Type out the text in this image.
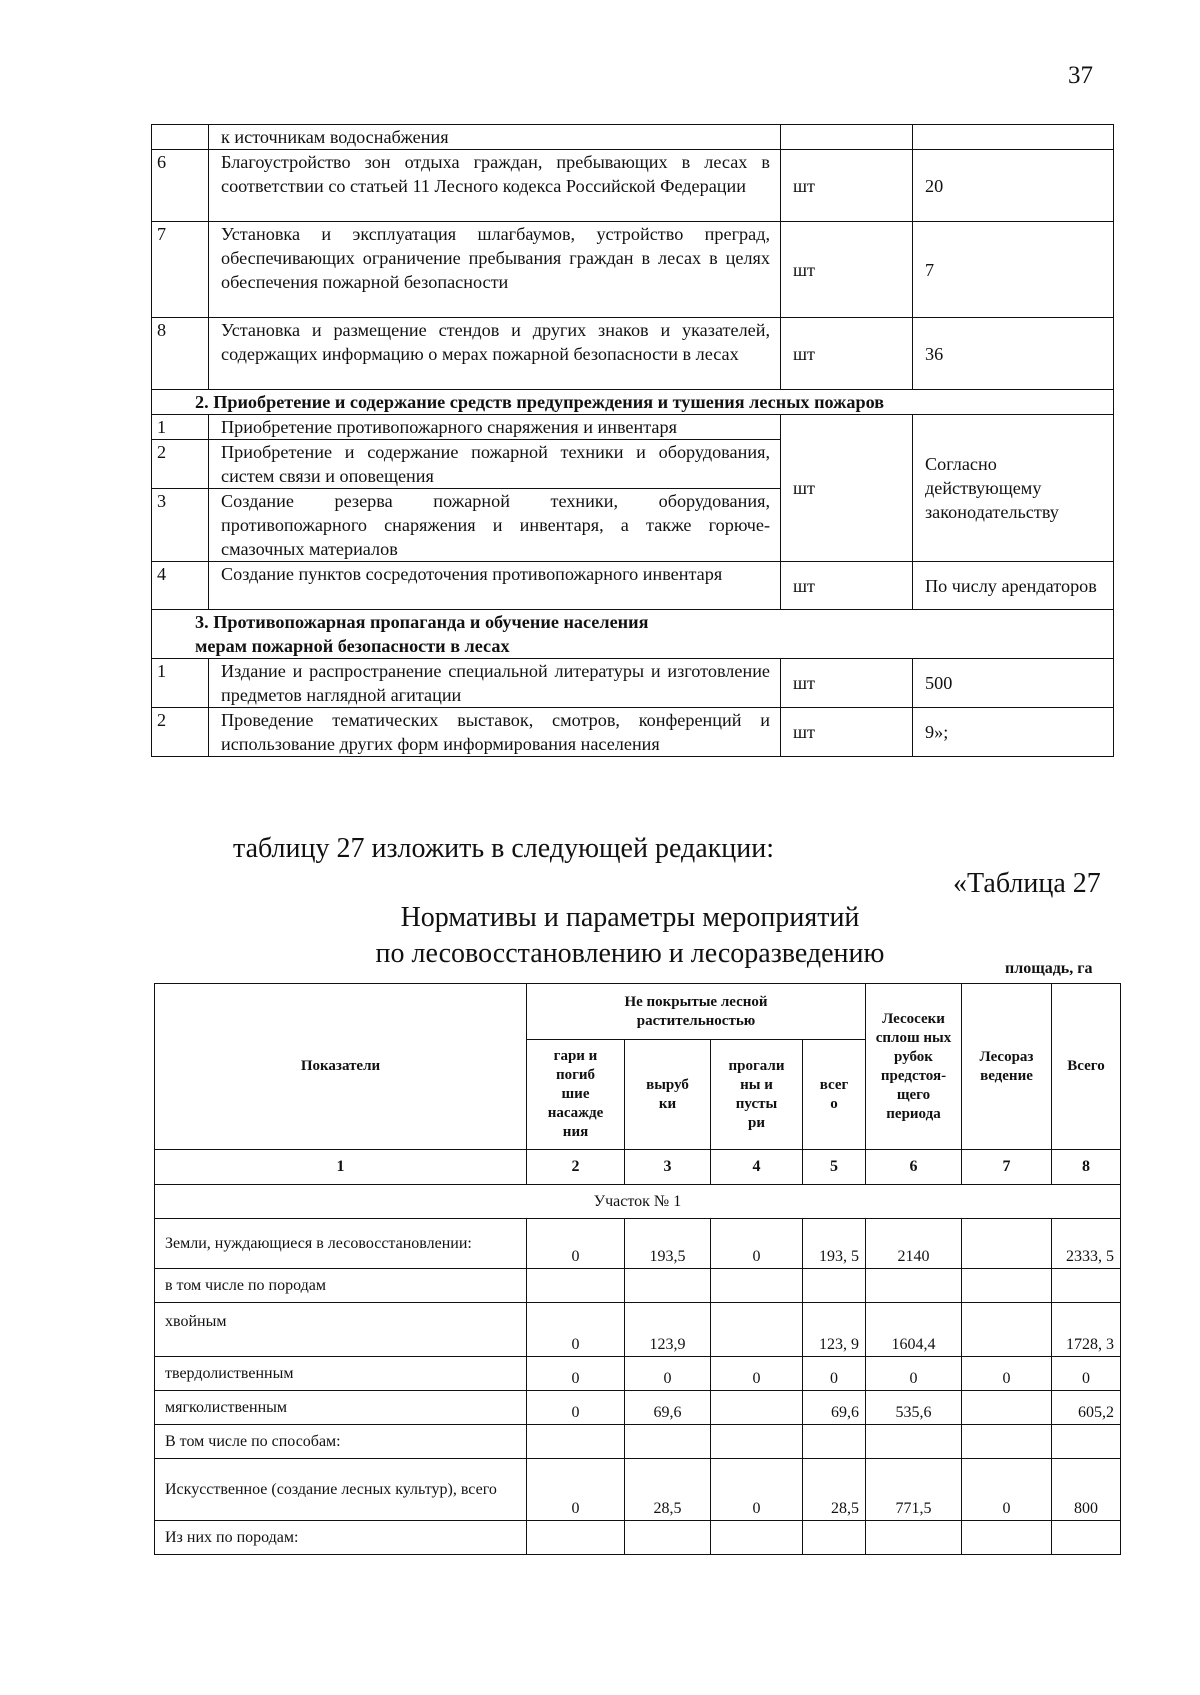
37
	к источникам водоснабжения		
6	Благоустройство зон отдыха граждан, пребывающих в лесах в соответствии со статьей 11 Лесного кодекса Российской Федерации	шт	20
7	Установка и эксплуатация шлагбаумов, устройство преград, обеспечивающих ограничение пребывания граждан в лесах в целях обеспечения пожарной безопасности	шт	7
8	Установка и размещение стендов и других знаков и указателей, содержащих информацию о мерах пожарной безопасности в лесах	шт	36
2. Приобретение и содержание средств предупреждения и тушения лесных пожаров			
1	Приобретение противопожарного снаряжения и инвентаря	шт	Согласно действующему законодательству
2	Приобретение и содержание пожарной техники и оборудования, систем связи и оповещения		
3	Создание резерва пожарной техники, оборудования, противопожарного снаряжения и инвентаря, а также горюче-смазочных материалов		
4	Создание пунктов сосредоточения противопожарного инвентаря	шт	По числу арендаторов
3. Противопожарная пропаганда и обучение населения мерам пожарной безопасности в лесах			
1	Издание и распространение специальной литературы и изготовление предметов наглядной агитации	шт	500
2	Проведение тематических выставок, смотров, конференций и использование других форм информирования населения	шт	9»;
таблицу 27 изложить в следующей редакции:
«Таблица 27
Нормативы и параметры мероприятий
по лесовосстановлению и лесоразведению	площадь, га
Показатели	Не покрытые лесной растительностью				Лесосеки сплош ных рубок предстоя-щего периода	Лесораз ведение	Всего
	гари и погиб шие насажде ния	выруб ки	прогали ны и пусты ри	всег о			
1	2	3	4	5	6	7	8
Участок № 1							
Земли, нуждающиеся в лесовосстановлении:	0	193,5	0	193, 5	2140		2333, 5
в том числе по породам							
хвойным	0	123,9		123, 9	1604,4		1728, 3
твердолиственным	0	0	0	0	0	0	0
мягколиственным	0	69,6		69,6	535,6		605,2
В том числе по способам:							
Искусственное (создание лесных культур), всего	0	28,5	0	28,5	771,5	0	800
Из них по породам:							
